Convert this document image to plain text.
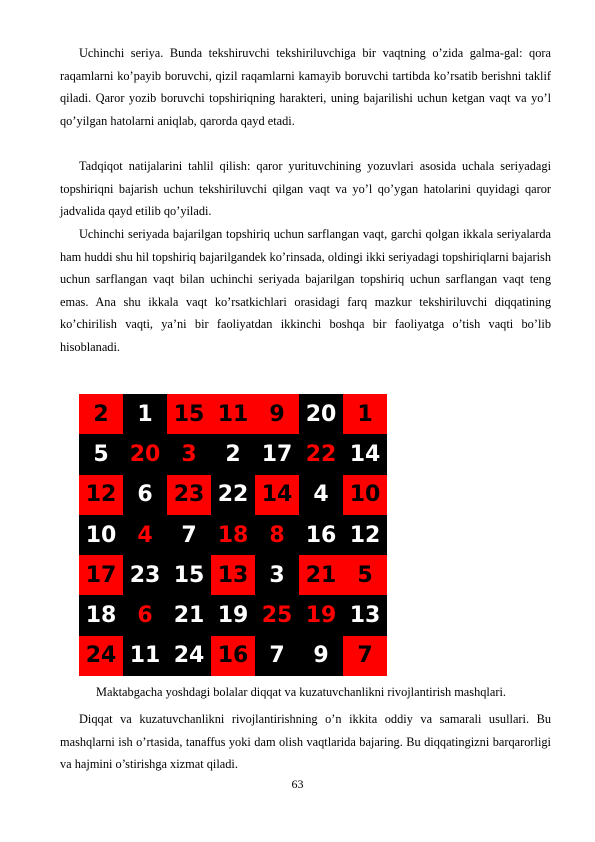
Uchinchi seriya. Bunda tekshiruvchi tekshiriluvchiga bir vaqtning o’zida galma-gal: qora raqamlarni ko’payib boruvchi, qizil raqamlarni kamayib boruvchi tartibda ko’rsatib berishni taklif qiladi. Qaror yozib boruvchi topshiriqning harakteri, uning bajarilishi uchun ketgan vaqt va yo’l qo’yilgan hatolarni aniqlab, qarorda qayd etadi.

Tadqiqot natijalarini tahlil qilish: qaror yurituvchining yozuvlari asosida uchala seriyadagi topshiriqni bajarish uchun tekshiriluvchi qilgan vaqt va yo’l qo’ygan hatolarini quyidagi qaror jadvalida qayd etilib qo’yiladi.

Uchinchi seriyada bajarilgan topshiriq uchun sarflangan vaqt, garchi qolgan ikkala seriyalarda ham huddi shu hil topshiriq bajarilgandek ko’rinsada, oldingi ikki seriyadagi topshiriqlarni bajarish uchun sarflangan vaqt bilan uchinchi seriyada bajarilgan topshiriq uchun sarflangan vaqt teng emas. Ana shu ikkala vaqt ko’rsatkichlari orasidagi farq mazkur tekshiriluvchi diqqatining ko’chirilish vaqti, ya’ni bir faoliyatdan ikkinchi boshqa bir faoliyatga o’tish vaqti bo’lib hisoblanadi.

2	1 15 11 9 20 1
5 20 3	2 17 22 14
12 6 23 22 14 4 10
10 4	7 18 8 16 12
17 23 15 13 3 21 5
18 6 21 19 25 19 13
24 11 24 16 7	9	7

Maktabgacha yoshdagi bolalar diqqat va kuzatuvchanlikni rivojlantirish mashqlari.

Diqqat va kuzatuvchanlikni rivojlantirishning o’n ikkita oddiy va samarali usullari. Bu mashqlarni ish o’rtasida, tanaffus yoki dam olish vaqtlarida bajaring. Bu diqqatingizni barqarorligi va hajmini o’stirishga xizmat qiladi.

63
